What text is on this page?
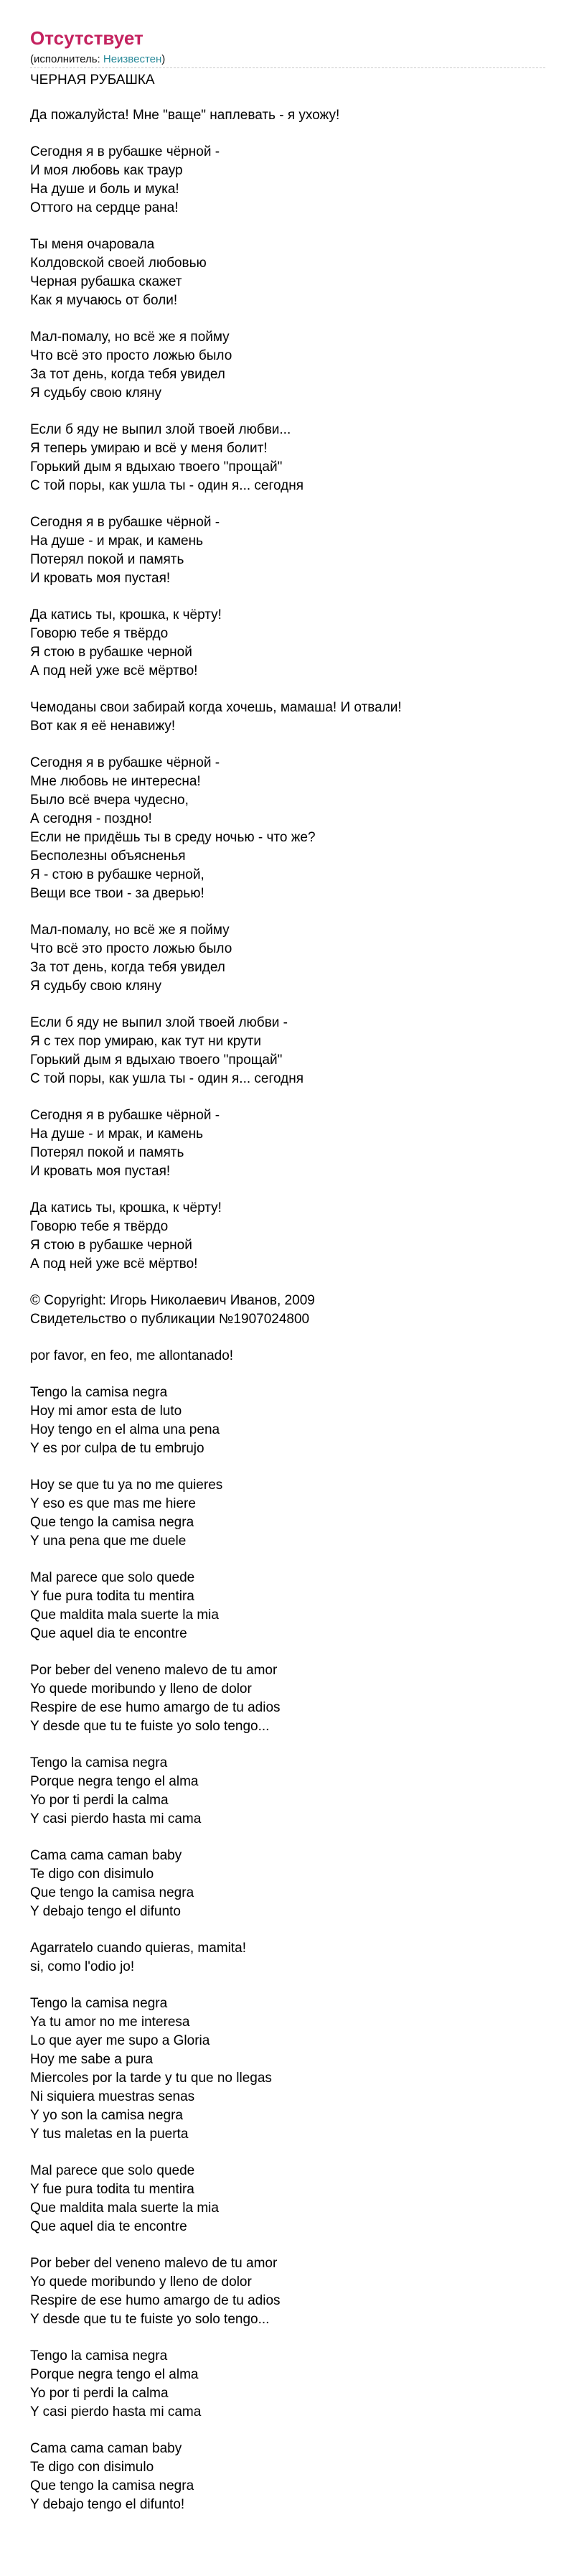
Отсутствует
(исполнитель: Неизвестен)
ЧЕРНАЯ РУБАШКА
Да пожалуйста! Мне "ваще" наплевать - я ухожу!
Сегодня я в рубашке чёрной -
И моя любовь как траур
На душе и боль и мука!
Оттого на сердце рана!
Ты меня очаровала
Колдовской своей любовью
Черная рубашка скажет
Как я мучаюсь от боли!
Мал-помалу, но всё же я пойму
Что всё это просто ложью было
За тот день, когда тебя увидел
Я судьбу свою кляну
Если б яду не выпил злой твоей любви...
Я теперь умираю и всё у меня болит!
Горький дым я вдыхаю твоего "прощай"
С той поры, как ушла ты - один я... сегодня
Сегодня я в рубашке чёрной -
На душе - и мрак, и камень
Потерял покой и память
И кровать моя пустая!
Да катись ты, крошка, к чёрту!
Говорю тебе я твёрдо
Я стою в рубашке черной
А под ней уже всё мёртво!
Чемоданы свои забирай когда хочешь, мамаша! И отвали!
Вот как я её ненавижу!
Сегодня я в рубашке чёрной -
Мне любовь не интересна!
Было всё вчера чудесно,
А сегодня - поздно!
Если не придёшь ты в среду ночью - что же?
Бесполезны объясненья
Я - стою в рубашке черной,
Вещи все твои - за дверью!
Мал-помалу, но всё же я пойму
Что всё это просто ложью было
За тот день, когда тебя увидел
Я судьбу свою кляну
Если б яду не выпил злой твоей любви -
Я с тех пор умираю, как тут ни крути
Горький дым я вдыхаю твоего "прощай"
С той поры, как ушла ты - один я... сегодня
Сегодня я в рубашке чёрной -
На душе - и мрак, и камень
Потерял покой и память
И кровать моя пустая!
Да катись ты, крошка, к чёрту!
Говорю тебе я твёрдо
Я стою в рубашке черной
А под ней уже всё мёртво!
© Copyright: Игорь Николаевич Иванов, 2009
Свидетельство о публикации №1907024800
por favor, en feo, me allontanado!
Tengo la camisa negra
Hoy mi amor esta de luto
Hoy tengo en el alma una pena
Y es por culpa de tu embrujo
Hoy se que tu ya no me quieres
Y eso es que mas me hiere
Que tengo la camisa negra
Y una pena que me duele
Mal parece que solo quede
Y fue pura todita tu mentira
Que maldita mala suerte la mia
Que aquel dia te encontre
Por beber del veneno malevo de tu amor
Yo quede moribundo y lleno de dolor
Respire de ese humo amargo de tu adios
Y desde que tu te fuiste yo solo tengo...
Tengo la camisa negra
Porque negra tengo el alma
Yo por ti perdi la calma
Y casi pierdo hasta mi cama
Cama cama caman baby
Te digo con disimulo
Que tengo la camisa negra
Y debajo tengo el difunto
Agarratelo cuando quieras, mamita!
si, como l'odio jo!
Tengo la camisa negra
Ya tu amor no me interesa
Lo que ayer me supo a Gloria
Hoy me sabe a pura
Miercoles por la tarde y tu que no llegas
Ni siquiera muestras senas
Y yo son la camisa negra
Y tus maletas en la puerta
Mal parece que solo quede
Y fue pura todita tu mentira
Que maldita mala suerte la mia
Que aquel dia te encontre
Por beber del veneno malevo de tu amor
Yo quede moribundo y lleno de dolor
Respire de ese humo amargo de tu adios
Y desde que tu te fuiste yo solo tengo...
Tengo la camisa negra
Porque negra tengo el alma
Yo por ti perdi la calma
Y casi pierdo hasta mi cama
Cama cama caman baby
Te digo con disimulo
Que tengo la camisa negra
Y debajo tengo el difunto!
